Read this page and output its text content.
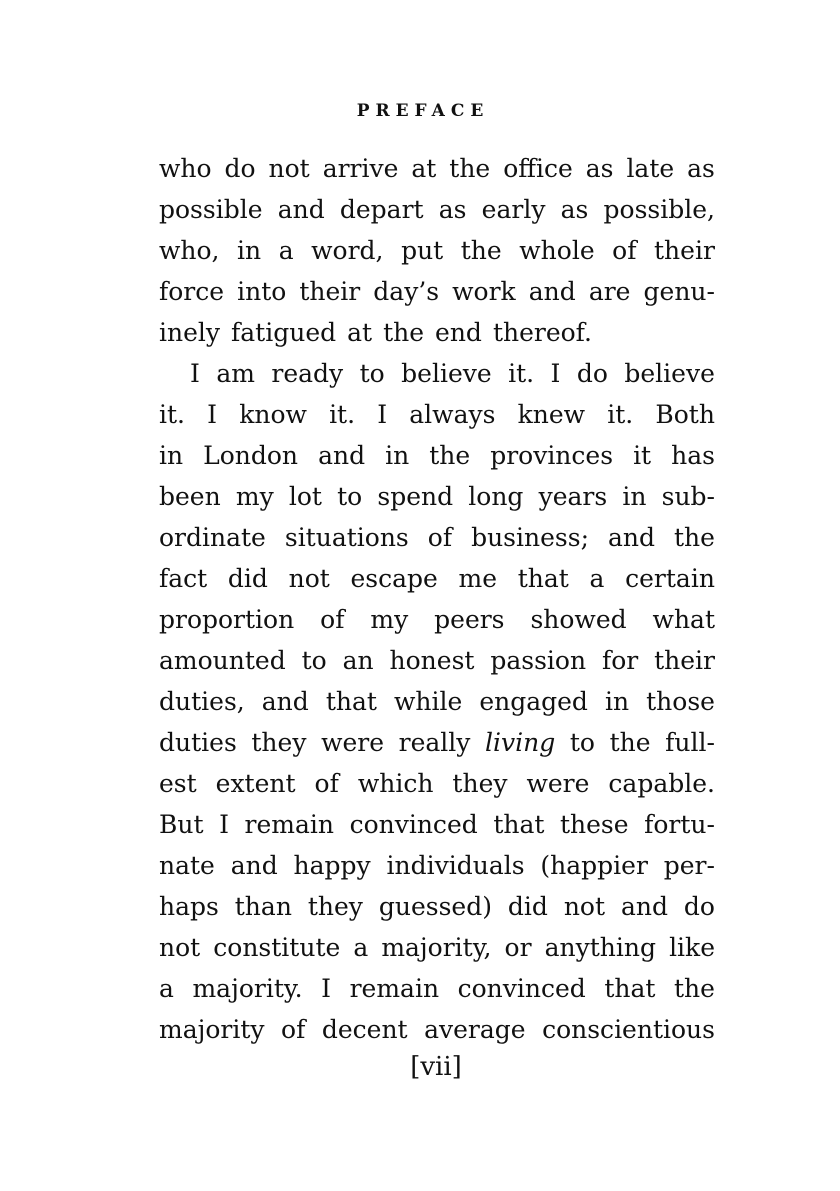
PREFACE
who do not arrive at the office as late as
possible and depart as early as possible,
who, in a word, put the whole of their
force into their day’s work and are genu-
inely fatigued at the end thereof.
I am ready to believe it. I do believe
it. I know it. I always knew it. Both
in London and in the provinces it has
been my lot to spend long years in sub-
ordinate situations of business; and the
fact did not escape me that a certain
proportion of my peers showed what
amounted to an honest passion for their
duties, and that while engaged in those
duties they were really living to the full-
est extent of which they were capable.
But I remain convinced that these fortu-
nate and happy individuals (happier per-
haps than they guessed) did not and do
not constitute a majority, or anything like
a majority. I remain convinced that the
majority of decent average conscientious
[vii]
